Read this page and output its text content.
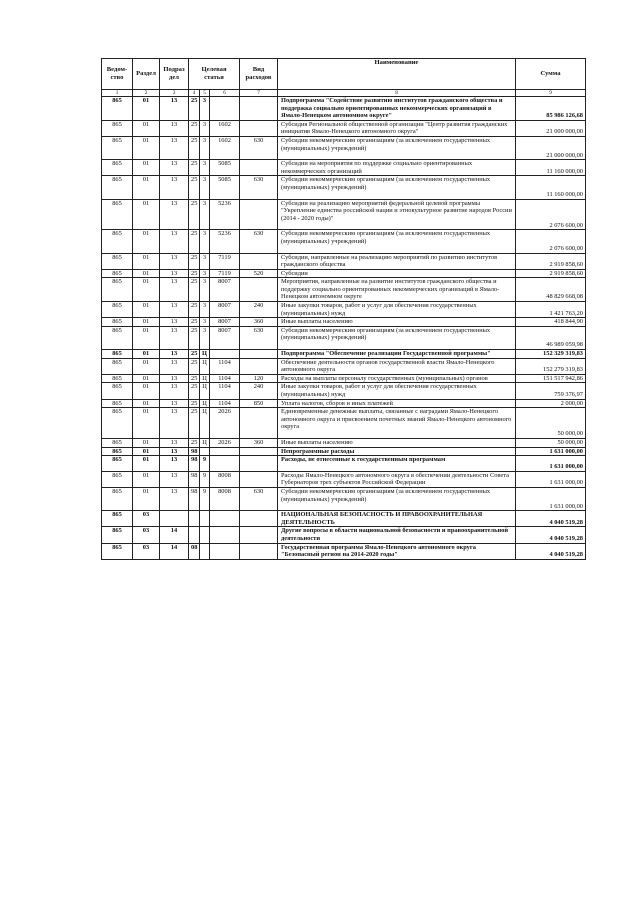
Ведом-ство	Раздел	Подраз дел	Целевая статья			Вид расходов	Наименование	Сумма
1	2	3	4	5	6	7	8	9
865	01	13	25	3			Подпрограмма "Содействие развитию институтов гражданского общества и поддержка социально ориентированных некоммерческих организаций в Ямало-Ненецком автономном округе"	85 986 126,68
865	01	13	25	3	1602		Субсидия Региональной общественной организации "Центр развития гражданских инициатив Ямало-Ненецкого автономного округа"	21 000 000,00
865	01	13	25	3	1602	630	Субсидии некоммерческим организациям (за исключением государственных (муниципальных) учреждений)	21 000 000,00
865	01	13	25	3	5085		Субсидии на мероприятия по поддержке социально ориентированных некоммерческих организаций	11 160 000,00
865	01	13	25	3	5085	630	Субсидии некоммерческим организациям (за исключением государственных (муниципальных) учреждений)	11 160 000,00
865	01	13	25	3	5236		Субсидии на реализацию мероприятий федеральной целевой программы "Укрепление единства российской нации и этнокультурное развитие народов России (2014 - 2020 годы)"	2 076 600,00
865	01	13	25	3	5236	630	Субсидии некоммерческим организациям (за исключением государственных (муниципальных) учреждений)	2 076 600,00
865	01	13	25	3	7119		Субсидии, направленные на реализацию мероприятий по развитию институтов гражданского общества	2 919 858,60
865	01	13	25	3	7119	520	Субсидии	2 919 858,60
865	01	13	25	3	8007		Мероприятия, направленные на развитие институтов гражданского общества и поддержку социально ориентированных некоммерческих организаций в Ямало-Ненецком автономном округе	48 829 668,08
865	01	13	25	3	8007	240	Иные закупки товаров, работ и услуг для обеспечения государственных (муниципальных) нужд	1 421 763,20
865	01	13	25	3	8007	360	Иные выплаты населению	418 844,90
865	01	13	25	3	8007	630	Субсидии некоммерческим организациям (за исключением государственных (муниципальных) учреждений)	46 989 059,98
865	01	13	25	Ц			Подпрограмма "Обеспечение реализации Государственной программы"	152 329 319,83
865	01	13	25	Ц	1104		Обеспечение деятельности органов государственной власти Ямало-Ненецкого автономного округа	152 279 319,83
865	01	13	25	Ц	1104	120	Расходы на выплаты персоналу государственных (муниципальных) органов	151 517 942,86
865	01	13	25	Ц	1104	240	Иные закупки товаров, работ и услуг для обеспечения государственных (муниципальных) нужд	759 376,97
865	01	13	25	Ц	1104	850	Уплата налогов, сборов и иных платежей	2 000,00
865	01	13	25	Ц	2026		Единовременные денежные выплаты, связанные с наградами Ямало-Ненецкого автономного округа и присвоением почетных званий Ямало-Ненецкого автономного округа	50 000,00
865	01	13	25	Ц	2026	360	Иные выплаты населению	50 000,00
865	01	13	98				Непрограммные расходы	1 631 000,00
865	01	13	98	9			Расходы, не отнесенные к государственным программам	1 631 000,00
865	01	13	98	9	8008		Расходы Ямало-Ненецкого автономного округа в обеспечении деятельности Совета Губернаторов трех субъектов Российской Федерации	1 631 000,00
865	01	13	98	9	8008	630	Субсидии некоммерческим организациям (за исключением государственных (муниципальных) учреждений)	1 631 000,00
865	03						НАЦИОНАЛЬНАЯ БЕЗОПАСНОСТЬ И ПРАВООХРАНИТЕЛЬНАЯ ДЕЯТЕЛЬНОСТЬ	4 040 519,28
865	03	14					Другие вопросы в области национальной безопасности и правоохранительной деятельности	4 040 519,28
865	03	14	08				Государственная программа Ямало-Ненецкого автономного округа "Безопасный регион на 2014-2020 годы"	4 040 519,28
